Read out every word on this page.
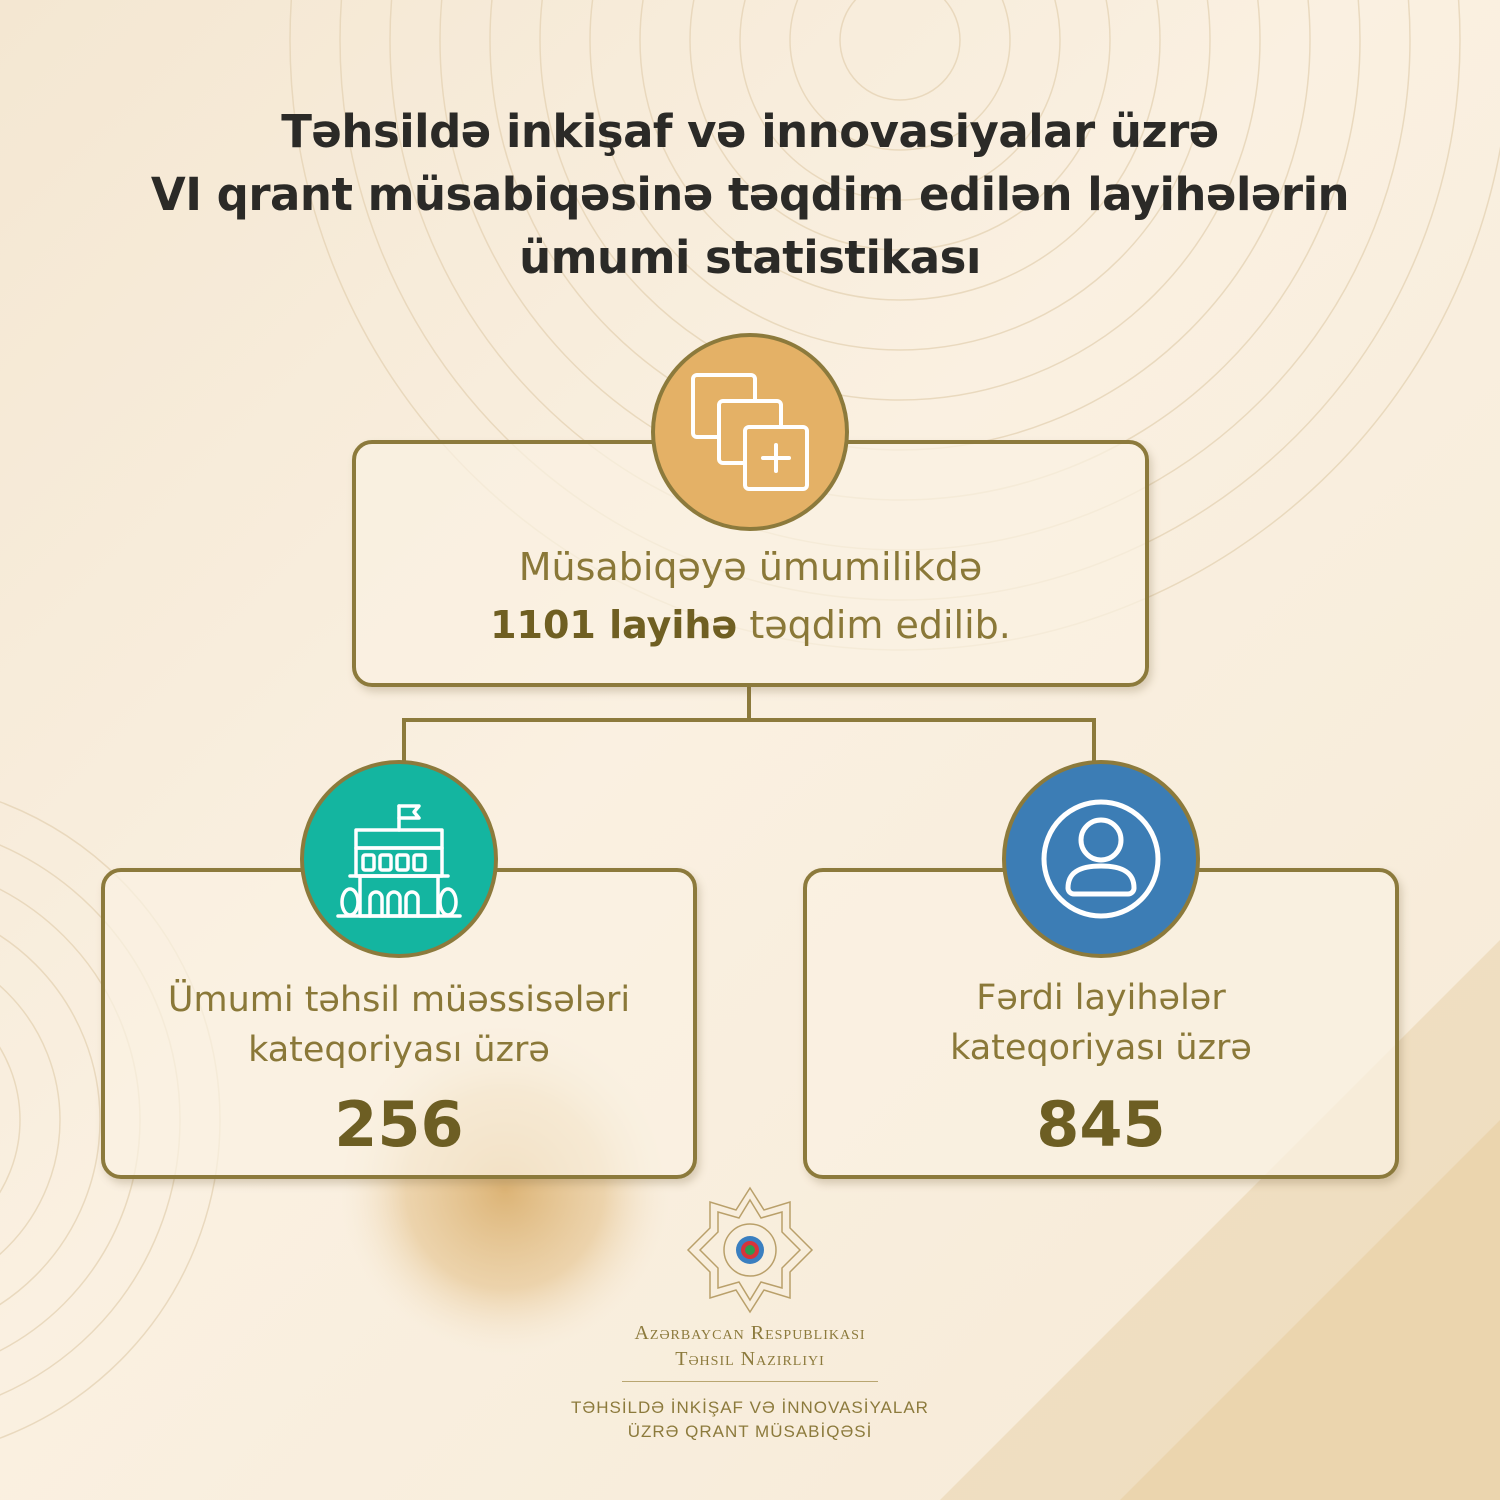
Təhsildə inkişaf və innovasiyalar üzrə
VI qrant müsabiqəsinə təqdim edilən layihələrin
ümumi statistikası
Müsabiqəyə ümumilikdə
1101 layihə təqdim edilib.
Ümumi təhsil müəssisələri
kateqoriyası üzrə
256
Fərdi layihələr
kateqoriyası üzrə
845
Azərbaycan Respublikası
Təhsil Nazirliyi
TƏHSİLDƏ İNKİŞAF VƏ İNNOVASİYALAR
ÜZRƏ QRANT MÜSABİQƏSİ
